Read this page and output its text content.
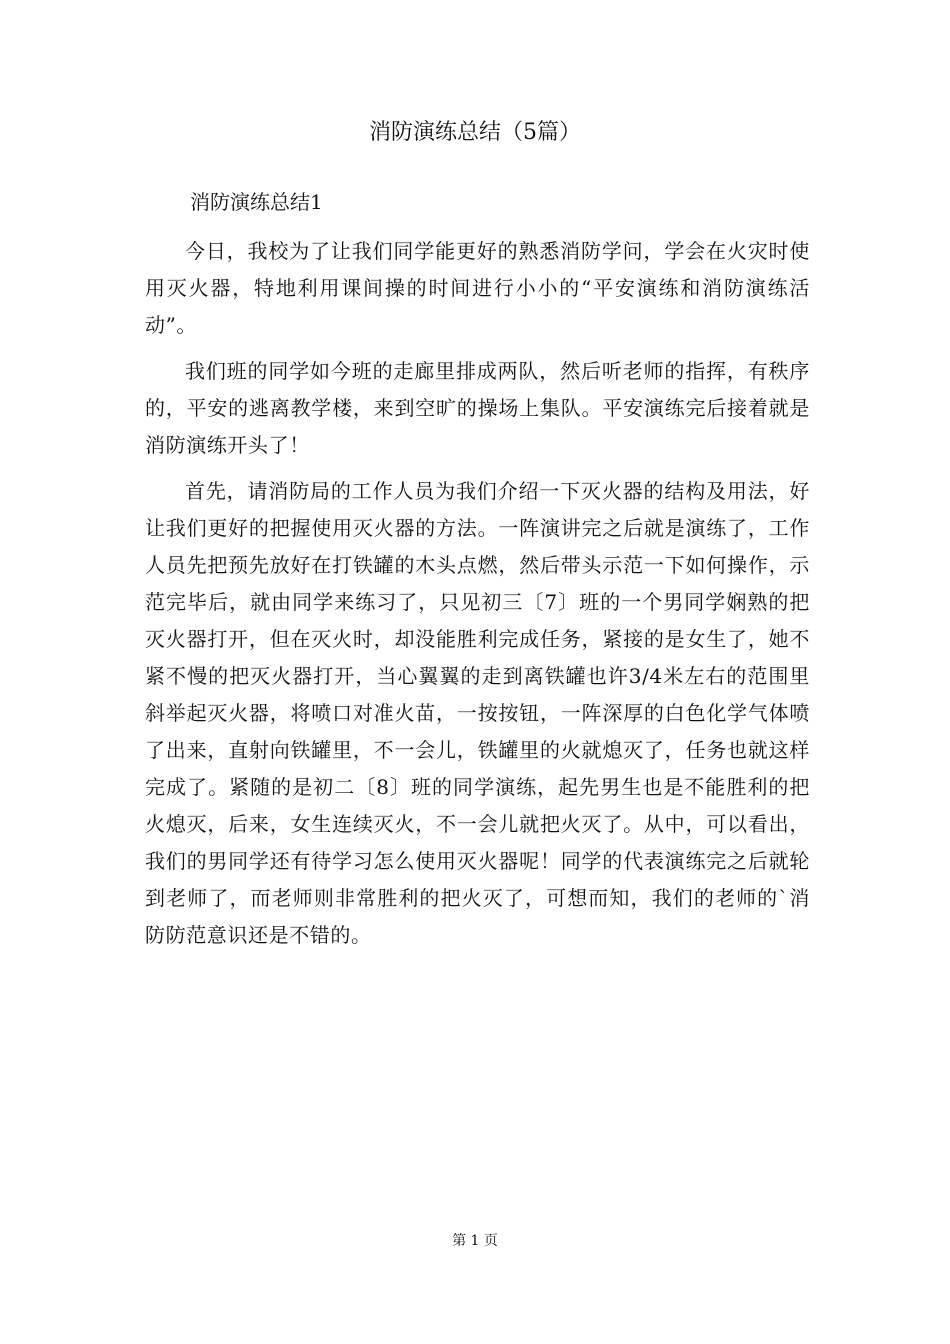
消防演练总结（5篇）
消防演练总结1

今日，我校为了让我们同学能更好的熟悉消防学问，学会在火灾时使用灭火器，特地利用课间操的时间进行小小的“平安演练和消防演练活动”。

我们班的同学如今班的走廊里排成两队，然后听老师的指挥，有秩序的，平安的逃离教学楼，来到空旷的操场上集队。平安演练完后接着就是消防演练开头了！

首先，请消防局的工作人员为我们介绍一下灭火器的结构及用法，好让我们更好的把握使用灭火器的方法。一阵演讲完之后就是演练了，工作人员先把预先放好在打铁罐的木头点燃，然后带头示范一下如何操作，示范完毕后，就由同学来练习了，只见初三〔7〕班的一个男同学娴熟的把灭火器打开，但在灭火时，却没能胜利完成任务，紧接的是女生了，她不紧不慢的把灭火器打开，当心翼翼的走到离铁罐也许3/4米左右的范围里斜举起灭火器，将喷口对准火苗，一按按钮，一阵深厚的白色化学气体喷了出来，直射向铁罐里，不一会儿，铁罐里的火就熄灭了，任务也就这样完成了。紧随的是初二〔8〕班的同学演练，起先男生也是不能胜利的把火熄灭，后来，女生连续灭火，不一会儿就把火灭了。从中，可以看出，我们的男同学还有待学习怎么使用灭火器呢！同学的代表演练完之后就轮到老师了，而老师则非常胜利的把火灭了，可想而知，我们的老师的`消防防范意识还是不错的。

第 1 页
